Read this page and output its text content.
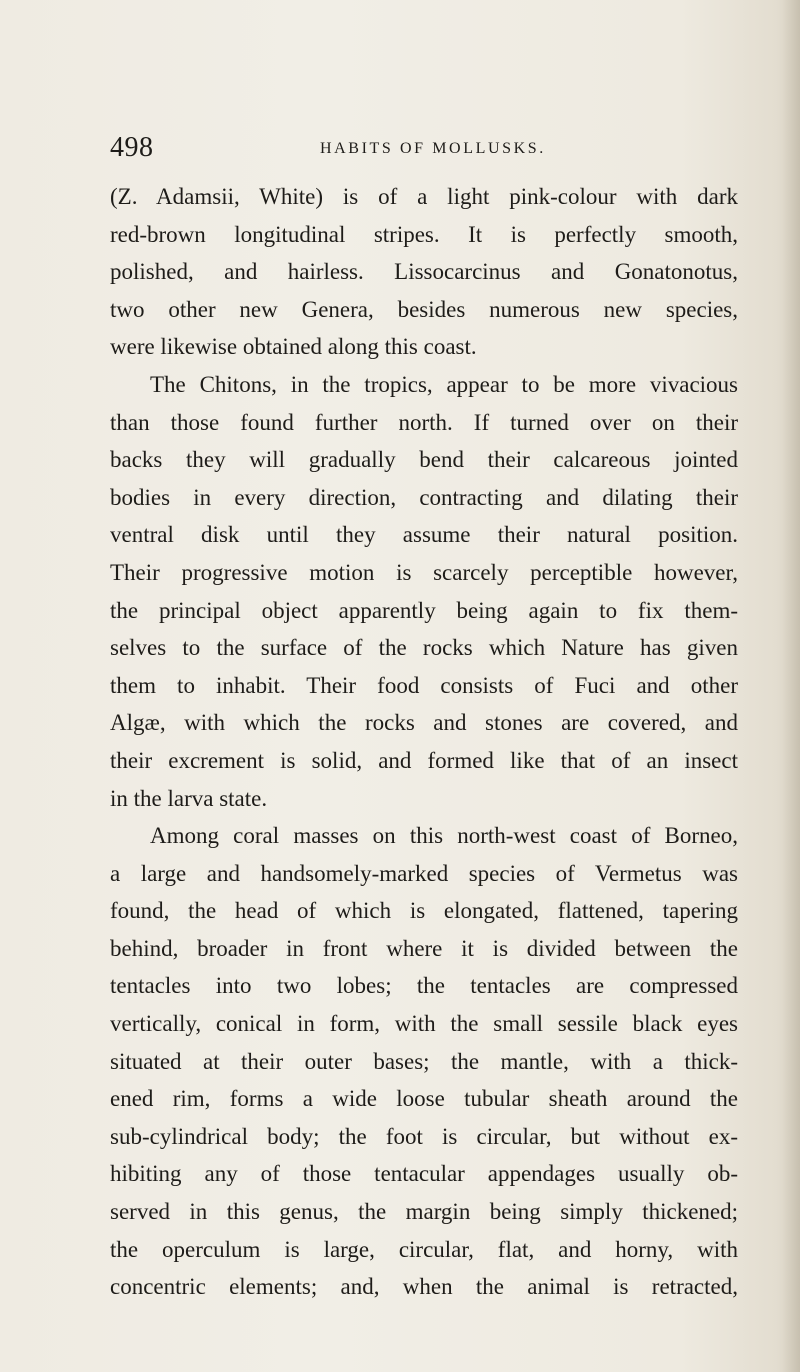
498	HABITS OF MOLLUSKS.
(Z. Adamsii, White) is of a light pink-colour with dark
red-brown longitudinal stripes. It is perfectly smooth,
polished, and hairless. Lissocarcinus and Gonatonotus,
two other new Genera, besides numerous new species,
were likewise obtained along this coast.
The Chitons, in the tropics, appear to be more vivacious
than those found further north. If turned over on their
backs they will gradually bend their calcareous jointed
bodies in every direction, contracting and dilating their
ventral disk until they assume their natural position.
Their progressive motion is scarcely perceptible however,
the principal object apparently being again to fix them-
selves to the surface of the rocks which Nature has given
them to inhabit. Their food consists of Fuci and other
Algæ, with which the rocks and stones are covered, and
their excrement is solid, and formed like that of an insect
in the larva state.
Among coral masses on this north-west coast of Borneo,
a large and handsomely-marked species of Vermetus was
found, the head of which is elongated, flattened, tapering
behind, broader in front where it is divided between the
tentacles into two lobes; the tentacles are compressed
vertically, conical in form, with the small sessile black eyes
situated at their outer bases; the mantle, with a thick-
ened rim, forms a wide loose tubular sheath around the
sub-cylindrical body; the foot is circular, but without ex-
hibiting any of those tentacular appendages usually ob-
served in this genus, the margin being simply thickened;
the operculum is large, circular, flat, and horny, with
concentric elements; and, when the animal is retracted,
